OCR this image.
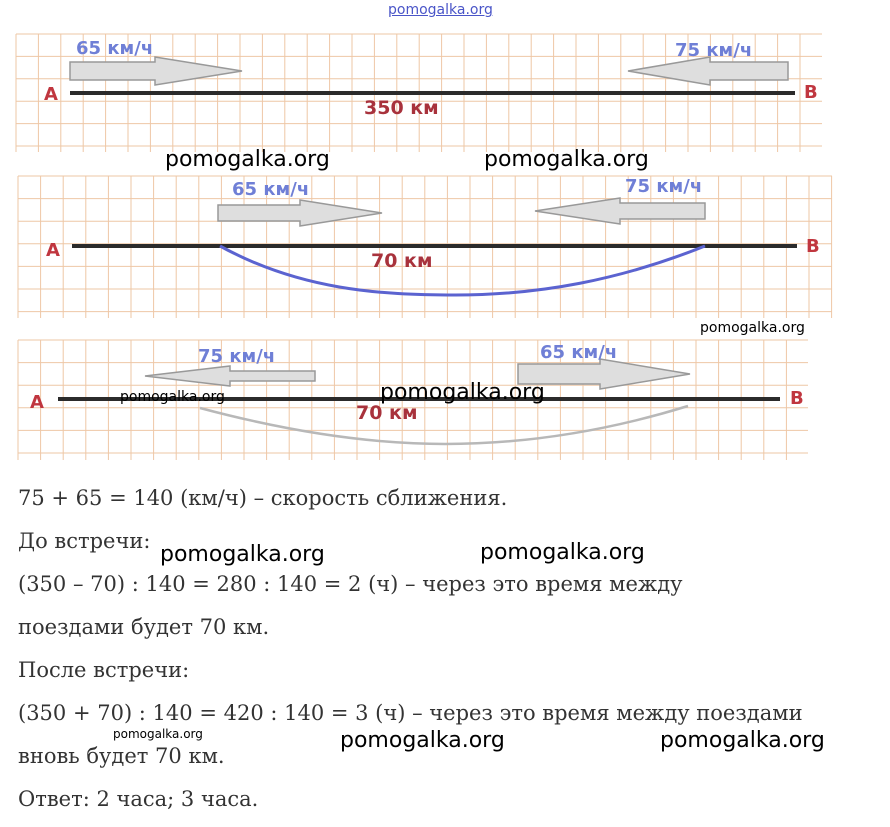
pomogalka.org
65 км/ч	75 км/ч
А	В
350 км
65 км/ч	75 км/ч
А	В
70 км
75 км/ч	65 км/ч
А	В
70 км
pomogalka.org	pomogalka.org
pomogalka.org
pomogalka.org	pomogalka.org
pomogalka.org	pomogalka.org
pomogalka.org	pomogalka.org	pomogalka.org
75 + 65 = 140 (км/ч) – скорость сближения.
До встречи:
(350 – 70) : 140 = 280 : 140 = 2 (ч) – через это время между
поездами будет 70 км.
После встречи:
(350 + 70) : 140 = 420 : 140 = 3 (ч) – через это время между поездами
вновь будет 70 км.
Ответ: 2 часа; 3 часа.
